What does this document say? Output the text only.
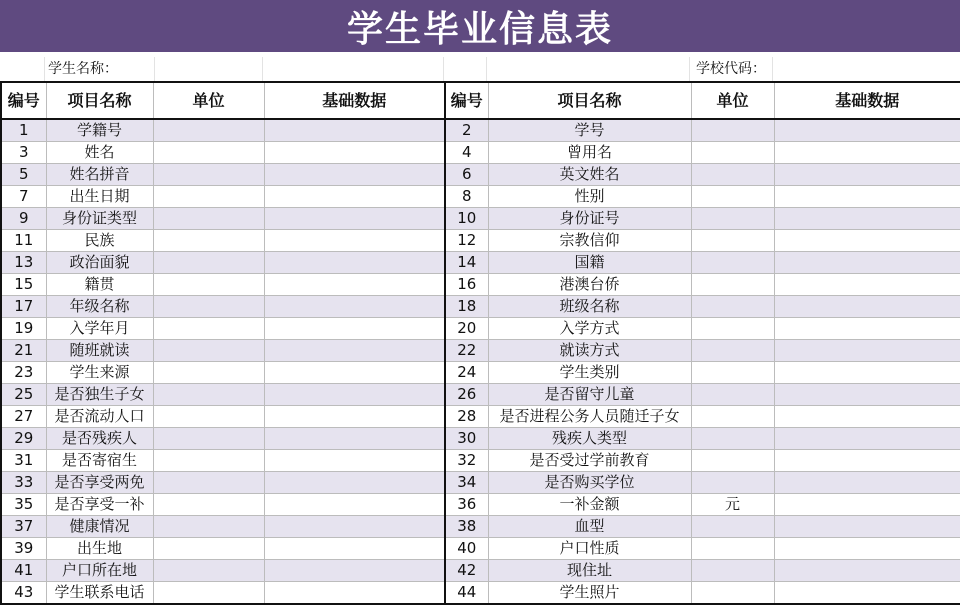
学生毕业信息表
学生名称：	学校代码：
编号	项目名称	单位	基础数据	编号	项目名称	单位	基础数据
1	学籍号			2	学号		
3	姓名			4	曾用名		
5	姓名拼音			6	英文姓名		
7	出生日期			8	性别		
9	身份证类型			10	身份证号		
11	民族			12	宗教信仰		
13	政治面貌			14	国籍		
15	籍贯			16	港澳台侨		
17	年级名称			18	班级名称		
19	入学年月			20	入学方式		
21	随班就读			22	就读方式		
23	学生来源			24	学生类别		
25	是否独生子女			26	是否留守儿童		
27	是否流动人口			28	是否进程公务人员随迁子女		
29	是否残疾人			30	残疾人类型		
31	是否寄宿生			32	是否受过学前教育		
33	是否享受两免			34	是否购买学位		
35	是否享受一补			36	一补金额	元	
37	健康情况			38	血型		
39	出生地			40	户口性质		
41	户口所在地			42	现住址		
43	学生联系电话			44	学生照片		
